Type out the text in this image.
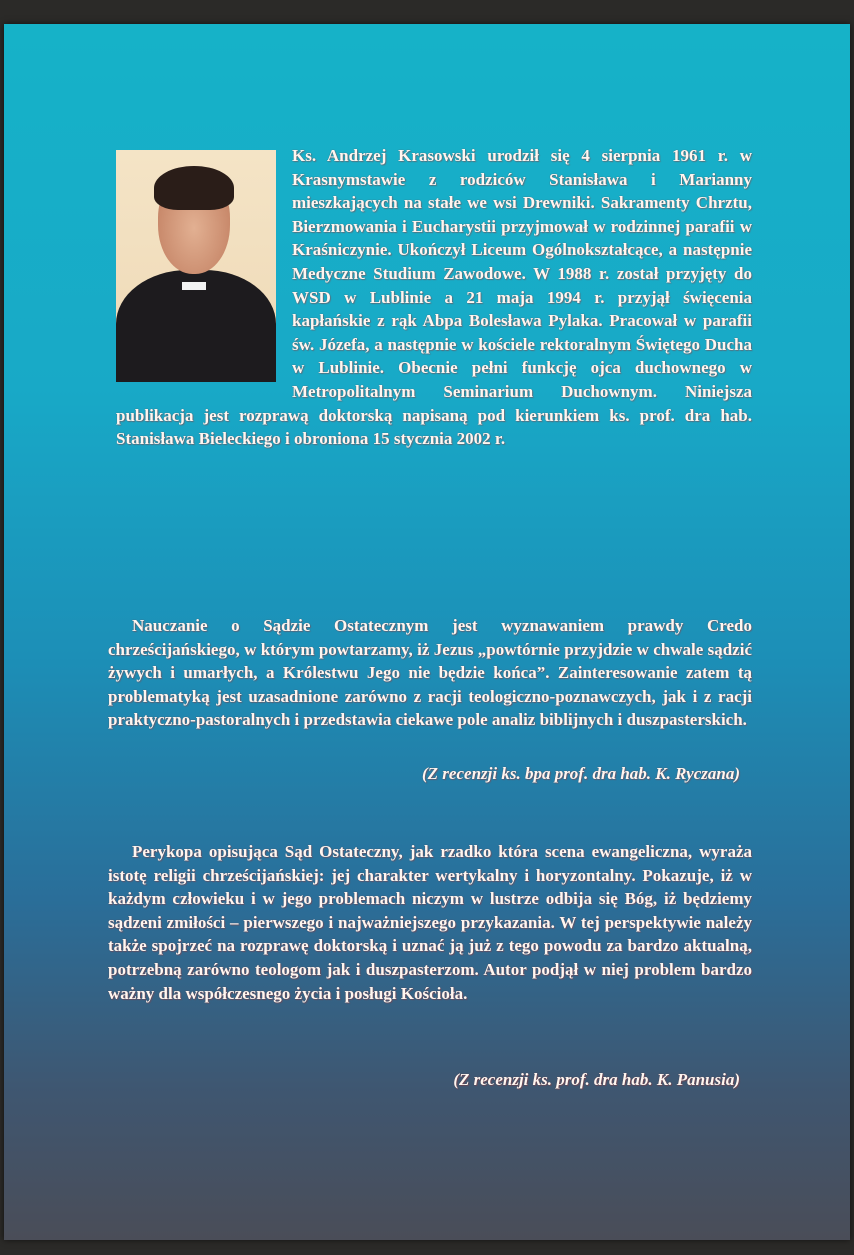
Ks. Andrzej Krasowski urodził się 4 sierpnia 1961 r. w Krasnymstawie z rodziców Stanisława i Marianny mieszkających na stałe we wsi Drewniki. Sakramenty Chrztu, Bierzmowania i Eucharystii przyjmował w rodzinnej parafii w Kraśniczynie. Ukończył Liceum Ogólnokształcące, a następnie Medyczne Studium Zawodowe. W 1988 r. został przyjęty do WSD w Lublinie a 21 maja 1994 r. przyjął święcenia kapłańskie z rąk Abpa Bolesława Pylaka. Pracował w parafii św. Józefa, a następnie w kościele rektoralnym Świętego Ducha w Lublinie. Obecnie pełni funkcję ojca duchownego w Metropolitalnym Seminarium Duchownym. Niniejsza publikacja jest rozprawą doktorską napisaną pod kierunkiem ks. prof. dra hab. Stanisława Bieleckiego i obroniona 15 stycznia 2002 r.

Nauczanie o Sądzie Ostatecznym jest wyznawaniem prawdy Credo chrześcijańskiego, w którym powtarzamy, iż Jezus „powtórnie przyjdzie w chwale sądzić żywych i umarłych, a Królestwu Jego nie będzie końca”. Zainteresowanie zatem tą problematyką jest uzasadnione zarówno z racji teologiczno-poznawczych, jak i z racji praktyczno-pastoralnych i przedstawia ciekawe pole analiz biblijnych i duszpasterskich.
(Z recenzji ks. bpa prof. dra hab. K. Ryczana)
Perykopa opisująca Sąd Ostateczny, jak rzadko która scena ewangeliczna, wyraża istotę religii chrześcijańskiej: jej charakter wertykalny i horyzontalny. Pokazuje, iż w każdym człowieku i w jego problemach niczym w lustrze odbija się Bóg, iż będziemy sądzeni zmiłości – pierwszego i najważniejszego przykazania. W tej perspektywie należy także spojrzeć na rozprawę doktorską i uznać ją już z tego powodu za bardzo aktualną, potrzebną zarówno teologom jak i duszpasterzom. Autor podjął w niej problem bardzo ważny dla współczesnego życia i posługi Kościoła.
(Z recenzji ks. prof. dra hab. K. Panusia)
